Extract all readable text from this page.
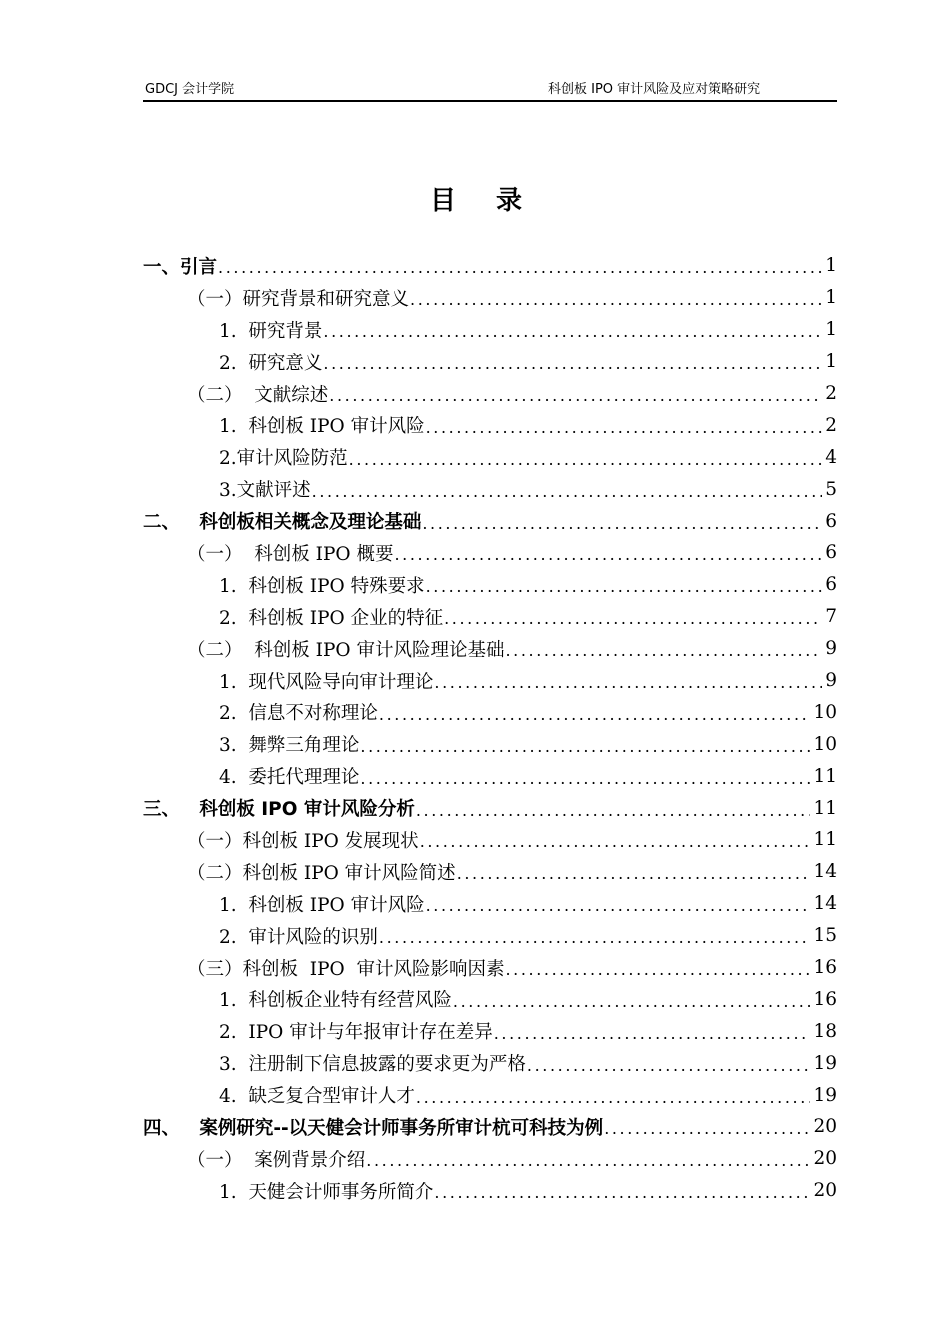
GDCJ 会计学院	科创板 IPO 审计风险及应对策略研究
目录
一、引言 .....	1
（一）研究背景和研究意义 .....	1
1.  研究背景 .....	1
2.  研究意义 .....	1
（二）  文献综述 .....	2
1.  科创板 IPO 审计风险 .....	2
2.审计风险防范 .....	4
3.文献评述 .....	5
二、   科创板相关概念及理论基础 .....	6
（一）  科创板 IPO 概要 .....	6
1.  科创板 IPO 特殊要求 .....	6
2.  科创板 IPO 企业的特征 .....	7
（二）  科创板 IPO 审计风险理论基础 .....	9
1.  现代风险导向审计理论 .....	9
2.  信息不对称理论 .....	10
3.  舞弊三角理论 .....	10
4.  委托代理理论 .....	11
三、   科创板 IPO 审计风险分析 .....	11
（一）科创板 IPO 发展现状 .....	11
（二）科创板 IPO 审计风险简述 .....	14
1.  科创板 IPO 审计风险 .....	14
2.  审计风险的识别 .....	15
（三）科创板  IPO  审计风险影响因素 .....	16
1.  科创板企业特有经营风险 .....	16
2.  IPO 审计与年报审计存在差异 .....	18
3.  注册制下信息披露的要求更为严格 .....	19
4.  缺乏复合型审计人才 .....	19
四、   案例研究--以天健会计师事务所审计杭可科技为例 .....	20
（一）  案例背景介绍 .....	20
1.  天健会计师事务所简介 .....	20
